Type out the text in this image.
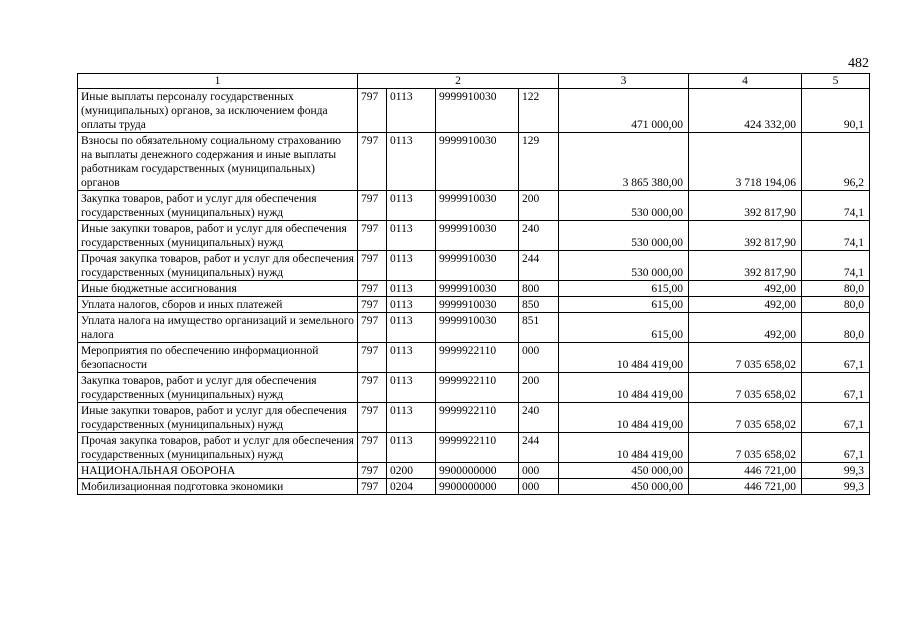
482
1	2				3	4	5
Иные выплаты персоналу государственных (муниципальных) органов, за исключением фонда оплаты труда	797	0113	9999910030	122	471 000,00	424 332,00	90,1
Взносы по обязательному социальному страхованию на выплаты денежного содержания и иные выплаты работникам государственных (муниципальных) органов	797	0113	9999910030	129	3 865 380,00	3 718 194,06	96,2
Закупка товаров, работ и услуг для обеспечения государственных (муниципальных) нужд	797	0113	9999910030	200	530 000,00	392 817,90	74,1
Иные закупки товаров, работ и услуг для обеспечения государственных (муниципальных) нужд	797	0113	9999910030	240	530 000,00	392 817,90	74,1
Прочая закупка товаров, работ и услуг для обеспечения государственных (муниципальных) нужд	797	0113	9999910030	244	530 000,00	392 817,90	74,1
Иные бюджетные ассигнования	797	0113	9999910030	800	615,00	492,00	80,0
Уплата налогов, сборов и иных платежей	797	0113	9999910030	850	615,00	492,00	80,0
Уплата налога на имущество организаций и земельного налога	797	0113	9999910030	851	615,00	492,00	80,0
Мероприятия по обеспечению информационной безопасности	797	0113	9999922110	000	10 484 419,00	7 035 658,02	67,1
Закупка товаров, работ и услуг для обеспечения государственных (муниципальных) нужд	797	0113	9999922110	200	10 484 419,00	7 035 658,02	67,1
Иные закупки товаров, работ и услуг для обеспечения государственных (муниципальных) нужд	797	0113	9999922110	240	10 484 419,00	7 035 658,02	67,1
Прочая закупка товаров, работ и услуг для обеспечения государственных (муниципальных) нужд	797	0113	9999922110	244	10 484 419,00	7 035 658,02	67,1
НАЦИОНАЛЬНАЯ ОБОРОНА	797	0200	9900000000	000	450 000,00	446 721,00	99,3
Мобилизационная подготовка экономики	797	0204	9900000000	000	450 000,00	446 721,00	99,3
